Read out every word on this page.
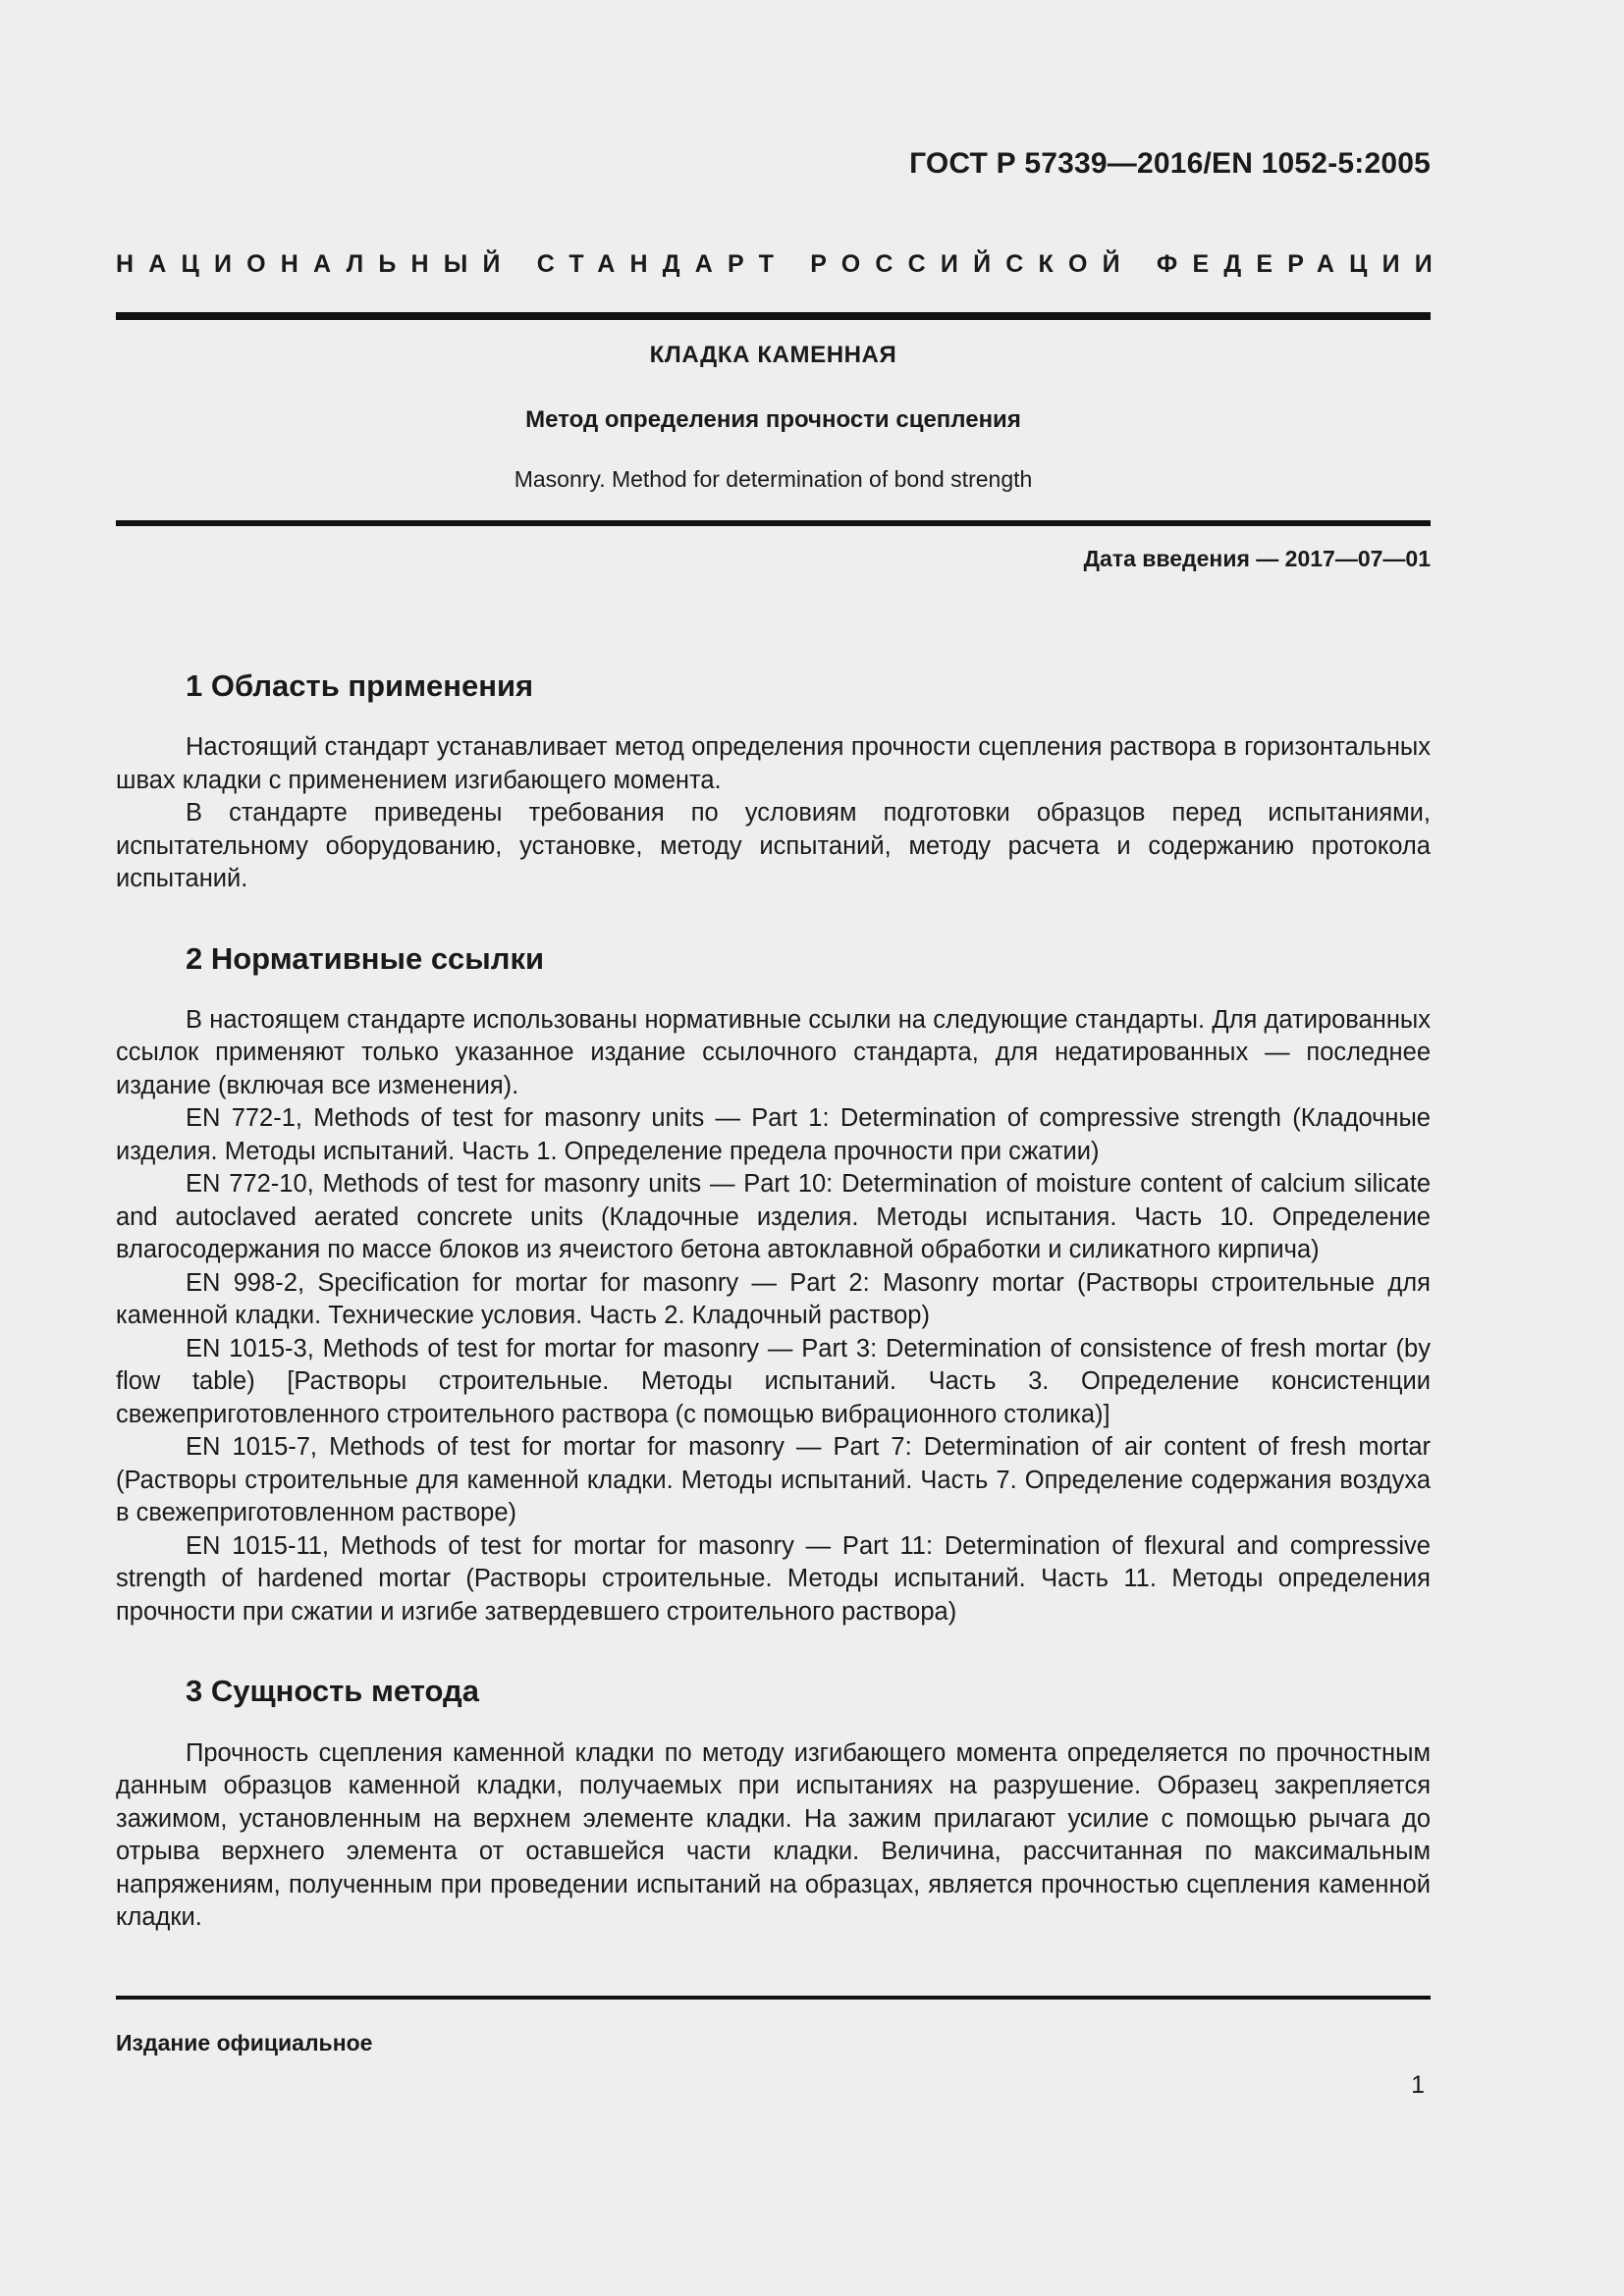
ГОСТ Р 57339—2016/EN 1052-5:2005
НАЦИОНАЛЬНЫЙ СТАНДАРТ РОССИЙСКОЙ ФЕДЕРАЦИИ
КЛАДКА КАМЕННАЯ
Метод определения прочности сцепления
Masonry. Method for determination of bond strength
Дата введения — 2017—07—01
1 Область применения

Настоящий стандарт устанавливает метод определения прочности сцепления раствора в горизонтальных швах кладки с применением изгибающего момента.

В стандарте приведены требования по условиям подготовки образцов перед испытаниями, испытательному оборудованию, установке, методу испытаний, методу расчета и содержанию протокола испытаний.

2 Нормативные ссылки

В настоящем стандарте использованы нормативные ссылки на следующие стандарты. Для датированных ссылок применяют только указанное издание ссылочного стандарта, для недатированных — последнее издание (включая все изменения).

EN 772-1, Methods of test for masonry units — Part 1: Determination of compressive strength (Кладочные изделия. Методы испытаний. Часть 1. Определение предела прочности при сжатии)

EN 772-10, Methods of test for masonry units — Part 10: Determination of moisture content of calcium silicate and autoclaved aerated concrete units (Кладочные изделия. Методы испытания. Часть 10. Определение влагосодержания по массе блоков из ячеистого бетона автоклавной обработки и силикатного кирпича)

EN 998-2, Specification for mortar for masonry — Part 2: Masonry mortar (Растворы строительные для каменной кладки. Технические условия. Часть 2. Кладочный раствор)

EN 1015-3, Methods of test for mortar for masonry — Part 3: Determination of consistence of fresh mortar (by flow table) [Растворы строительные. Методы испытаний. Часть 3. Определение консистенции свежеприготовленного строительного раствора (с помощью вибрационного столика)]

EN 1015-7, Methods of test for mortar for masonry — Part 7: Determination of air content of fresh mortar (Растворы строительные для каменной кладки. Методы испытаний. Часть 7. Определение содержания воздуха в свежеприготовленном растворе)

EN 1015-11, Methods of test for mortar for masonry — Part 11: Determination of flexural and compressive strength of hardened mortar (Растворы строительные. Методы испытаний. Часть 11. Методы определения прочности при сжатии и изгибе затвердевшего строительного раствора)

3 Сущность метода

Прочность сцепления каменной кладки по методу изгибающего момента определяется по прочностным данным образцов каменной кладки, получаемых при испытаниях на разрушение. Образец закрепляется зажимом, установленным на верхнем элементе кладки. На зажим прилагают усилие с помощью рычага до отрыва верхнего элемента от оставшейся части кладки. Величина, рассчитанная по максимальным напряжениям, полученным при проведении испытаний на образцах, является прочностью сцепления каменной кладки.

Издание официальное
1
